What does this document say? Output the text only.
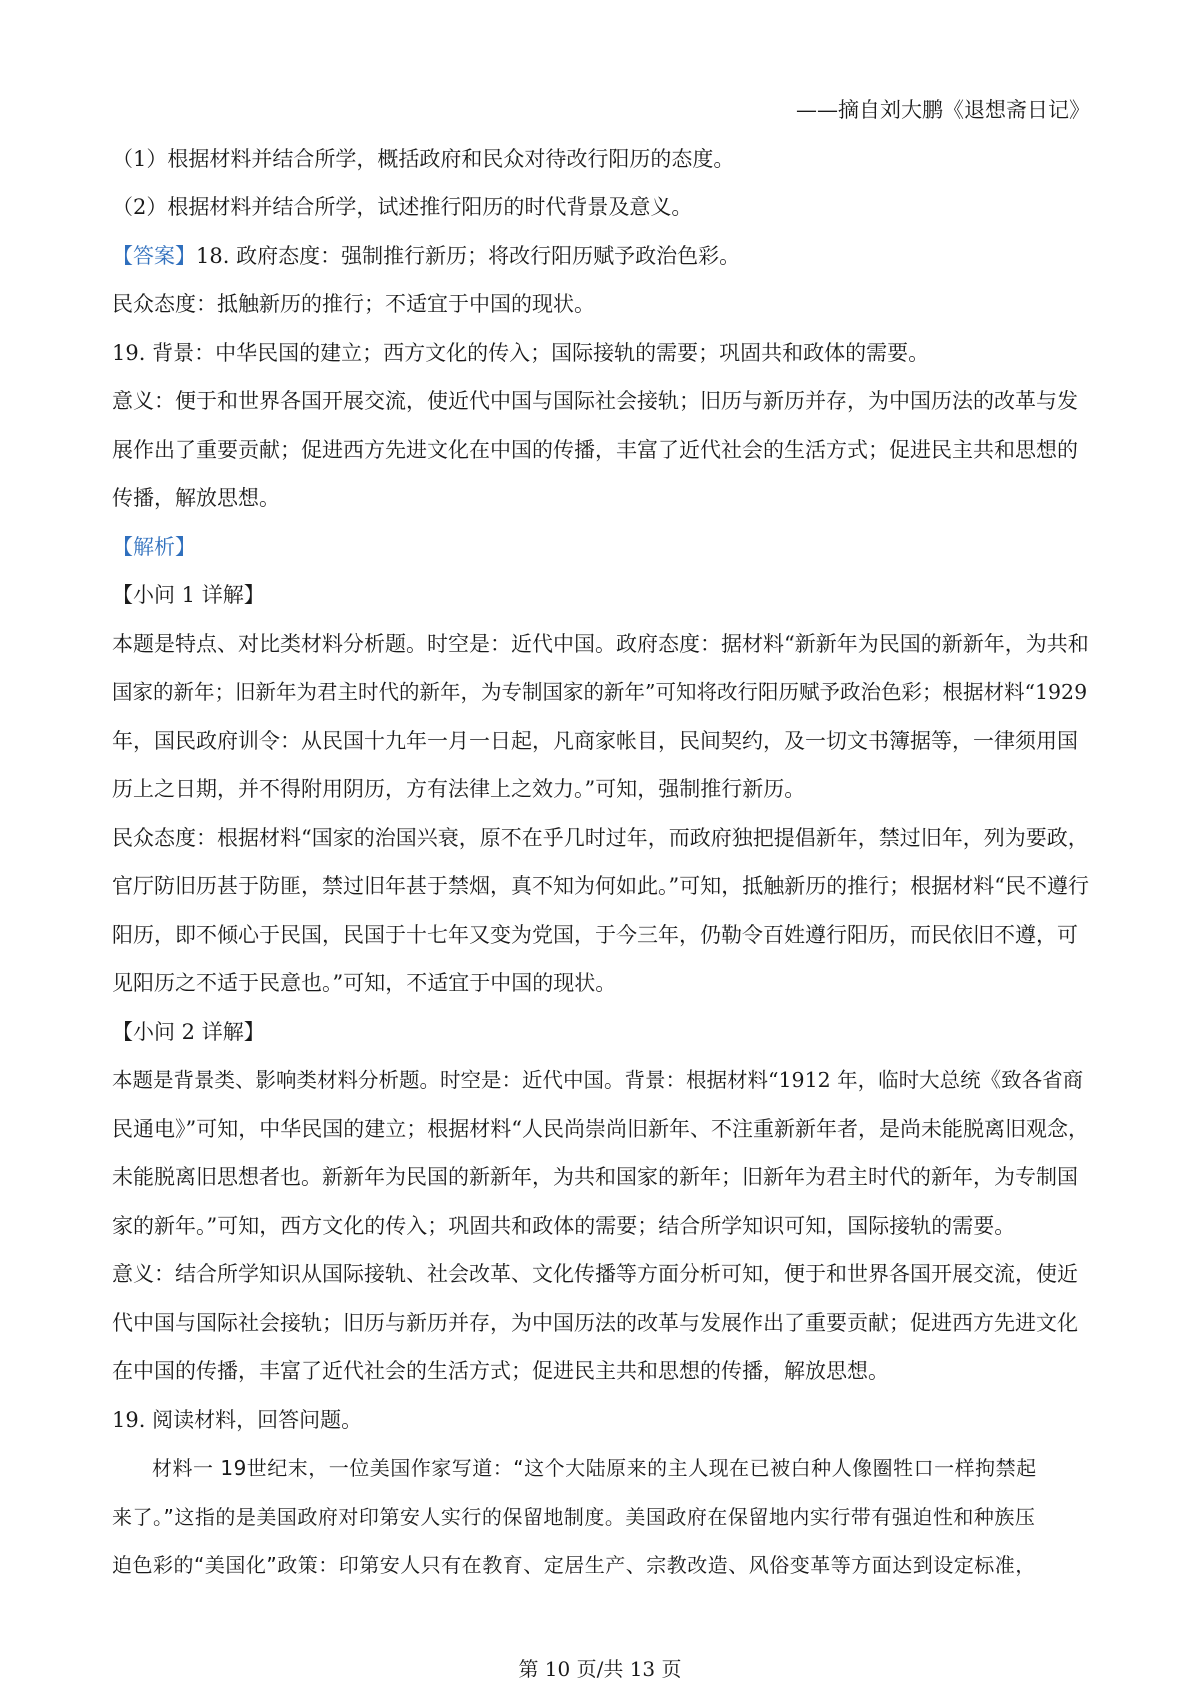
——摘自刘大鹏《退想斋日记》
（1）根据材料并结合所学，概括政府和民众对待改行阳历的态度。
（2）根据材料并结合所学，试述推行阳历的时代背景及意义。
【答案】18. 政府态度：强制推行新历；将改行阳历赋予政治色彩。
民众态度：抵触新历的推行；不适宜于中国的现状。
19. 背景：中华民国的建立；西方文化的传入；国际接轨的需要；巩固共和政体的需要。
意义：便于和世界各国开展交流，使近代中国与国际社会接轨；旧历与新历并存，为中国历法的改革与发
展作出了重要贡献；促进西方先进文化在中国的传播，丰富了近代社会的生活方式；促进民主共和思想的
传播，解放思想。
【解析】
【小问 1 详解】
本题是特点、对比类材料分析题。时空是：近代中国。政府态度：据材料“新新年为民国的新新年，为共和
国家的新年；旧新年为君主时代的新年，为专制国家的新年”可知将改行阳历赋予政治色彩；根据材料“1929
年，国民政府训令：从民国十九年一月一日起，凡商家帐目，民间契约，及一切文书簿据等，一律须用国
历上之日期，并不得附用阴历，方有法律上之效力。”可知，强制推行新历。
民众态度：根据材料“国家的治国兴衰，原不在乎几时过年，而政府独把提倡新年，禁过旧年，列为要政，
官厅防旧历甚于防匪，禁过旧年甚于禁烟，真不知为何如此。”可知，抵触新历的推行；根据材料“民不遵行
阳历，即不倾心于民国，民国于十七年又变为党国，于今三年，仍勒令百姓遵行阳历，而民依旧不遵，可
见阳历之不适于民意也。”可知，不适宜于中国的现状。
【小问 2 详解】
本题是背景类、影响类材料分析题。时空是：近代中国。背景：根据材料“1912 年，临时大总统《致各省商
民通电》”可知，中华民国的建立；根据材料“人民尚崇尚旧新年、不注重新新年者，是尚未能脱离旧观念，
未能脱离旧思想者也。新新年为民国的新新年，为共和国家的新年；旧新年为君主时代的新年，为专制国
家的新年。”可知，西方文化的传入；巩固共和政体的需要；结合所学知识可知，国际接轨的需要。
意义：结合所学知识从国际接轨、社会改革、文化传播等方面分析可知，便于和世界各国开展交流，使近
代中国与国际社会接轨；旧历与新历并存，为中国历法的改革与发展作出了重要贡献；促进西方先进文化
在中国的传播，丰富了近代社会的生活方式；促进民主共和思想的传播，解放思想。
19. 阅读材料，回答问题。
材料一 19世纪末，一位美国作家写道：“这个大陆原来的主人现在已被白种人像圈牲口一样拘禁起
来了。”这指的是美国政府对印第安人实行的保留地制度。美国政府在保留地内实行带有强迫性和种族压
迫色彩的“美国化”政策：印第安人只有在教育、定居生产、宗教改造、风俗变革等方面达到设定标准，
第 10 页/共 13 页
